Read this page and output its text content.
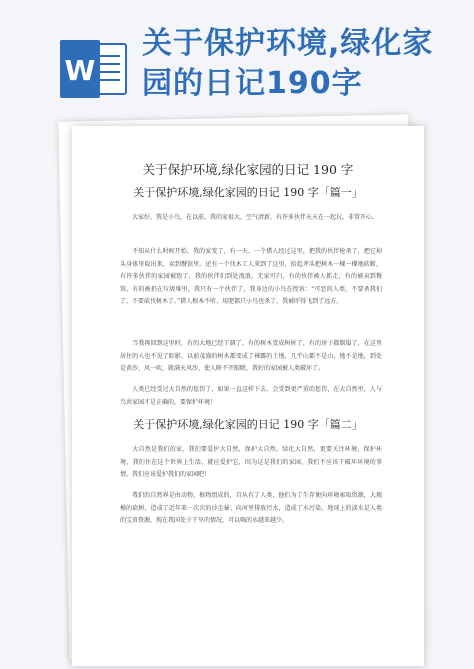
W
关于保护环境,绿化家园的日记190字
关于保护环境,绿化家园的日记 190 字
关于保护环境,绿化家园的日记 190 字「篇一」

大家好，我是小鸟，在以前，我的家很大，空气清新，有许多伙伴天天在一起玩，非常开心。

不知从什么时候开始，我的家变了，有一天，一个猎人经过这里，把我的伙伴枪杀了，把它掉头身体里取出来，卖到餐馆里。还有一个伐木工人来到了这里，拾起斧头把树木一棵一棵地砍断，有许多伙伴的家园被毁了，我的伙伴们到处流浪，无家可归，有的伙伴被人抓走，有的被卖到餐馆，有的被扔在垃圾堆里，我只有一个伙伴了，我身边的小鸟在控诉：“可恶的人类，不要杀我们了，不要砍伐树木了。”猎人根本不听，用肥都只小鸟也杀了，我被吓得飞到了远方。

当我再回到这里时，有的大地已经干涸了，有的树木变成树桩了，有的房子都倒塌了，在这里居住的人也不见了踪影，以前茂盛的树木都变成了裸露的土地，几乎山都不是山，地不是地，到处是黄沙，风一吹，就满天风沙，使人睁不开眼睛，我好的家园被人类破坏了。

人类已经受过大自然的惩罚了，如果一直这样下去，会受到更严重的惩罚，在大自然里，人与鸟共家园才是正确的，要保护环境！

关于保护环境,绿化家园的日记 190 字「篇二」

大自然是我们的家，我们要爱护大自然，保护大自然，绿化大自然，更要关注环境，保护环境，我们住在这个世界上生活，就应爱护它，因为这是我们的家园，我们不应该干破坏环境的事情，我们应该爱护我们的家园吧！

我们的自然界是由动物，植物组成的，自从有了人类，他们为了生存便向环境索取资源，大规模的砍树，造成了近年来一次次的沙尘暴；向河里排放污水，造成了水污染，地球上的淡水是人类的宝贵资源，现在我国处于干旱的情况，可以喝的水越来越少。
